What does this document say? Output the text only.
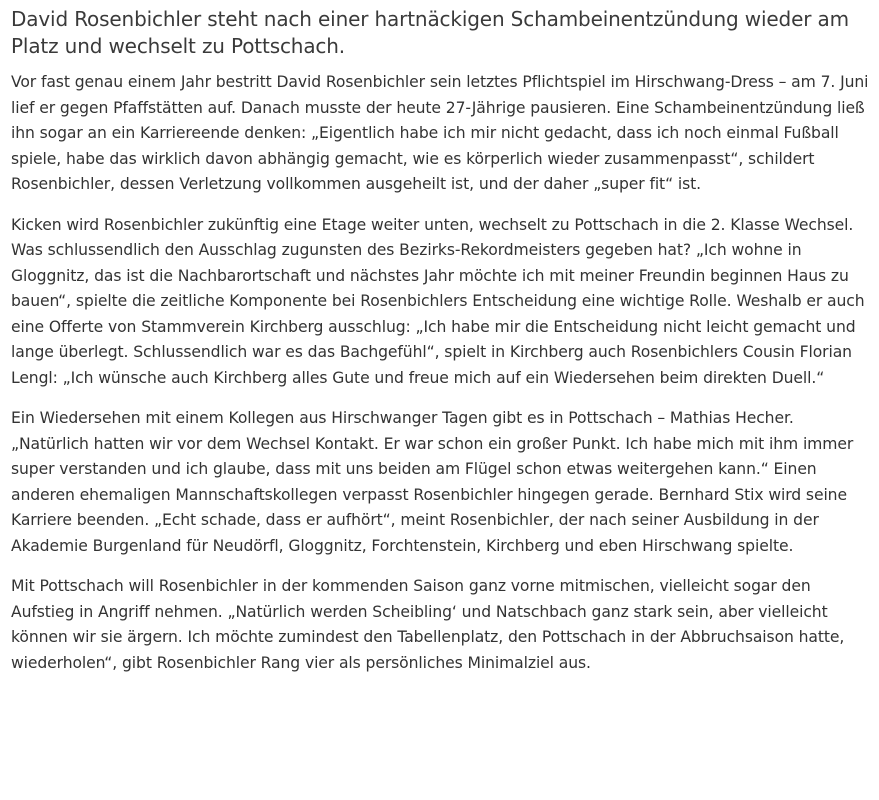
David Rosenbichler steht nach einer hartnäckigen Schambeinentzündung wieder am Platz und wechselt zu Pottschach.

Vor fast genau einem Jahr bestritt David Rosenbichler sein letztes Pflichtspiel im Hirschwang-Dress – am 7. Juni lief er gegen Pfaffstätten auf. Danach musste der heute 27-Jährige pausieren. Eine Schambeinentzündung ließ ihn sogar an ein Karriereende denken: „Eigentlich habe ich mir nicht gedacht, dass ich noch einmal Fußball spiele, habe das wirklich davon abhängig gemacht, wie es körperlich wieder zusammenpasst“, schildert Rosenbichler, dessen Verletzung vollkommen ausgeheilt ist, und der daher „super fit“ ist.

Kicken wird Rosenbichler zukünftig eine Etage weiter unten, wechselt zu Pottschach in die 2. Klasse Wechsel. Was schlussendlich den Ausschlag zugunsten des Bezirks-Rekordmeisters gegeben hat? „Ich wohne in Gloggnitz, das ist die Nachbarortschaft und nächstes Jahr möchte ich mit meiner Freundin beginnen Haus zu bauen“, spielte die zeitliche Komponente bei Rosenbichlers Entscheidung eine wichtige Rolle. Weshalb er auch eine Offerte von Stammverein Kirchberg ausschlug: „Ich habe mir die Entscheidung nicht leicht gemacht und lange überlegt. Schlussendlich war es das Bachgefühl“, spielt in Kirchberg auch Rosenbichlers Cousin Florian Lengl: „Ich wünsche auch Kirchberg alles Gute und freue mich auf ein Wiedersehen beim direkten Duell.“

Ein Wiedersehen mit einem Kollegen aus Hirschwanger Tagen gibt es in Pottschach – Mathias Hecher. „Natürlich hatten wir vor dem Wechsel Kontakt. Er war schon ein großer Punkt. Ich habe mich mit ihm immer super verstanden und ich glaube, dass mit uns beiden am Flügel schon etwas weitergehen kann.“ Einen anderen ehemaligen Mannschaftskollegen verpasst Rosenbichler hingegen gerade. Bernhard Stix wird seine Karriere beenden. „Echt schade, dass er aufhört“, meint Rosenbichler, der nach seiner Ausbildung in der Akademie Burgenland für Neudörfl, Gloggnitz, Forchtenstein, Kirchberg und eben Hirschwang spielte.

Mit Pottschach will Rosenbichler in der kommenden Saison ganz vorne mitmischen, vielleicht sogar den Aufstieg in Angriff nehmen. „Natürlich werden Scheibling‘ und Natschbach ganz stark sein, aber vielleicht können wir sie ärgern. Ich möchte zumindest den Tabellenplatz, den Pottschach in der Abbruchsaison hatte, wiederholen“, gibt Rosenbichler Rang vier als persönliches Minimalziel aus.
